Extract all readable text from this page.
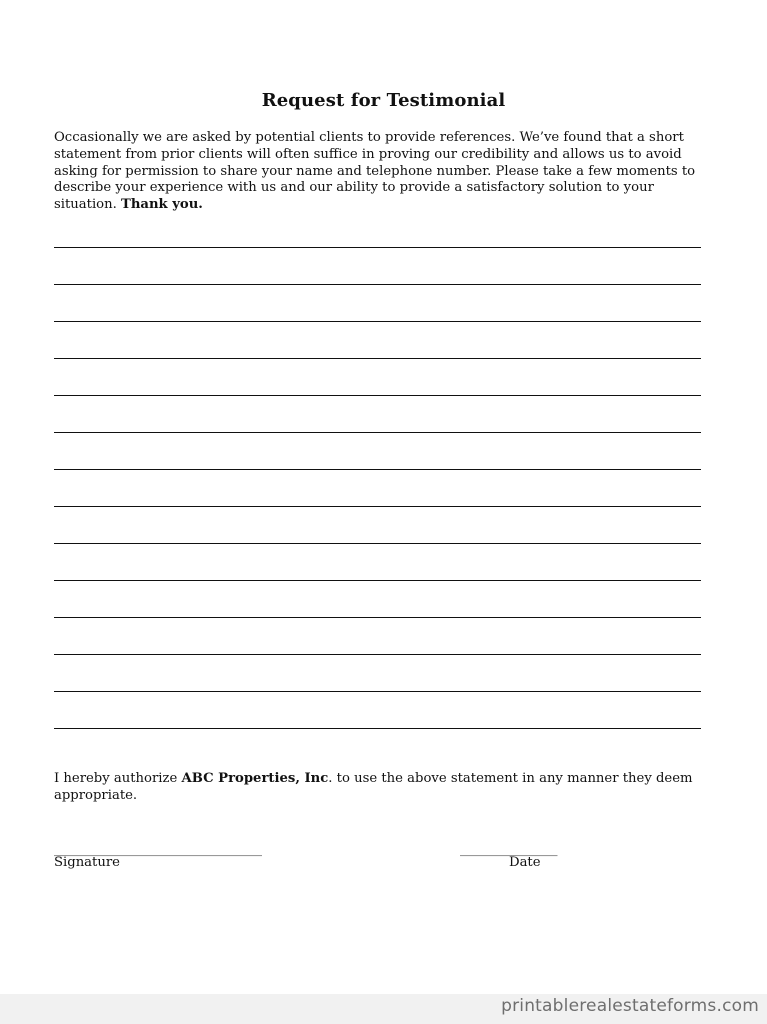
Request for Testimonial
Occasionally we are asked by potential clients to provide references. We’ve found that a short statement from prior clients will often suffice in proving our credibility and allows us to avoid asking for permission to share your name and telephone number. Please take a few moments to describe your experience with us and our ability to provide a satisfactory solution to your situation. Thank you.
I hereby authorize ABC Properties, Inc. to use the above statement in any manner they deem appropriate.
________________________________	_______________
Signature	Date
printablerealestateforms.com
